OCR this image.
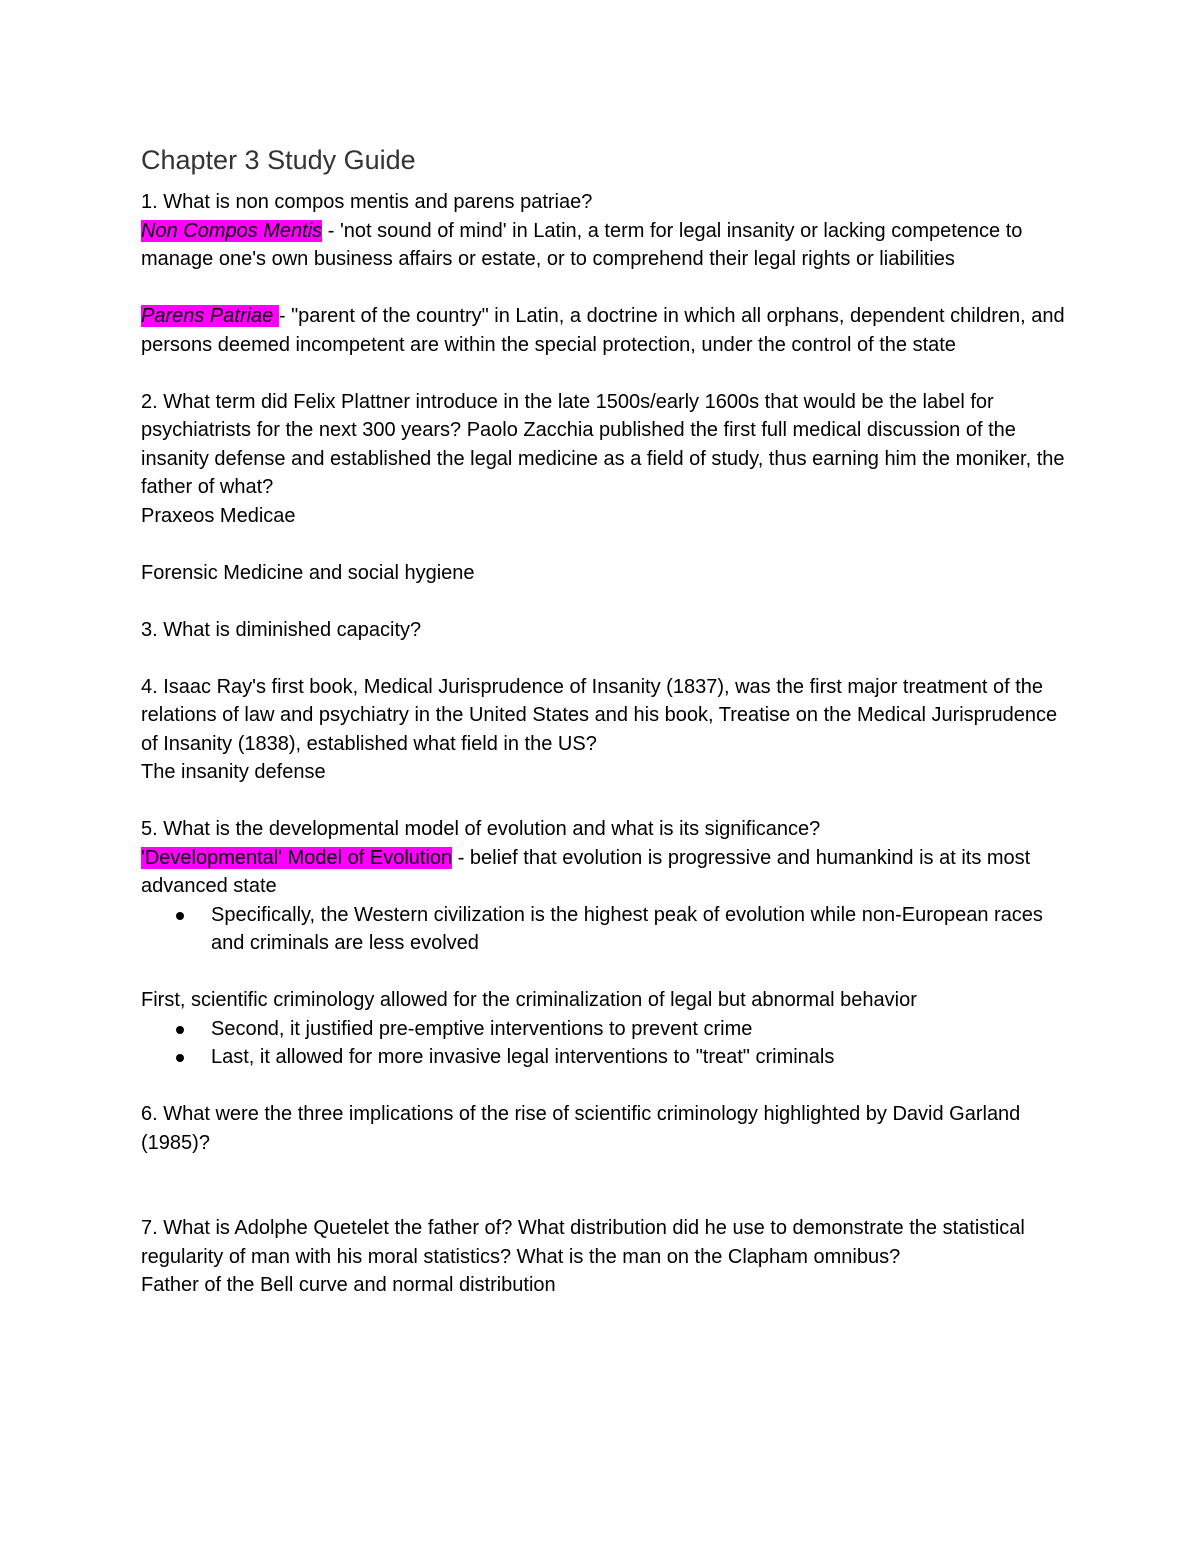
Chapter 3 Study Guide

1. What is non compos mentis and parens patriae?

Non Compos Mentis - 'not sound of mind' in Latin, a term for legal insanity or lacking competence to manage one's own business affairs or estate, or to comprehend their legal rights or liabilities

Parens Patriae - "parent of the country" in Latin, a doctrine in which all orphans, dependent children, and persons deemed incompetent are within the special protection, under the control of the state

2. What term did Felix Plattner introduce in the late 1500s/early 1600s that would be the label for psychiatrists for the next 300 years? Paolo Zacchia published the first full medical discussion of the insanity defense and established the legal medicine as a field of study, thus earning him the moniker, the father of what?

Praxeos Medicae

Forensic Medicine and social hygiene

3. What is diminished capacity?

4. Isaac Ray's first book, Medical Jurisprudence of Insanity (1837), was the first major treatment of the relations of law and psychiatry in the United States and his book, Treatise on the Medical Jurisprudence of Insanity (1838), established what field in the US?

The insanity defense

5. What is the developmental model of evolution and what is its significance?

'Developmental' Model of Evolution - belief that evolution is progressive and humankind is at its most advanced state

Specifically, the Western civilization is the highest peak of evolution while non-European races and criminals are less evolved

First, scientific criminology allowed for the criminalization of legal but abnormal behavior

Second, it justified pre-emptive interventions to prevent crime
Last, it allowed for more invasive legal interventions to "treat" criminals

6. What were the three implications of the rise of scientific criminology highlighted by David Garland (1985)?

7. What is Adolphe Quetelet the father of? What distribution did he use to demonstrate the statistical regularity of man with his moral statistics? What is the man on the Clapham omnibus?

Father of the Bell curve and normal distribution
